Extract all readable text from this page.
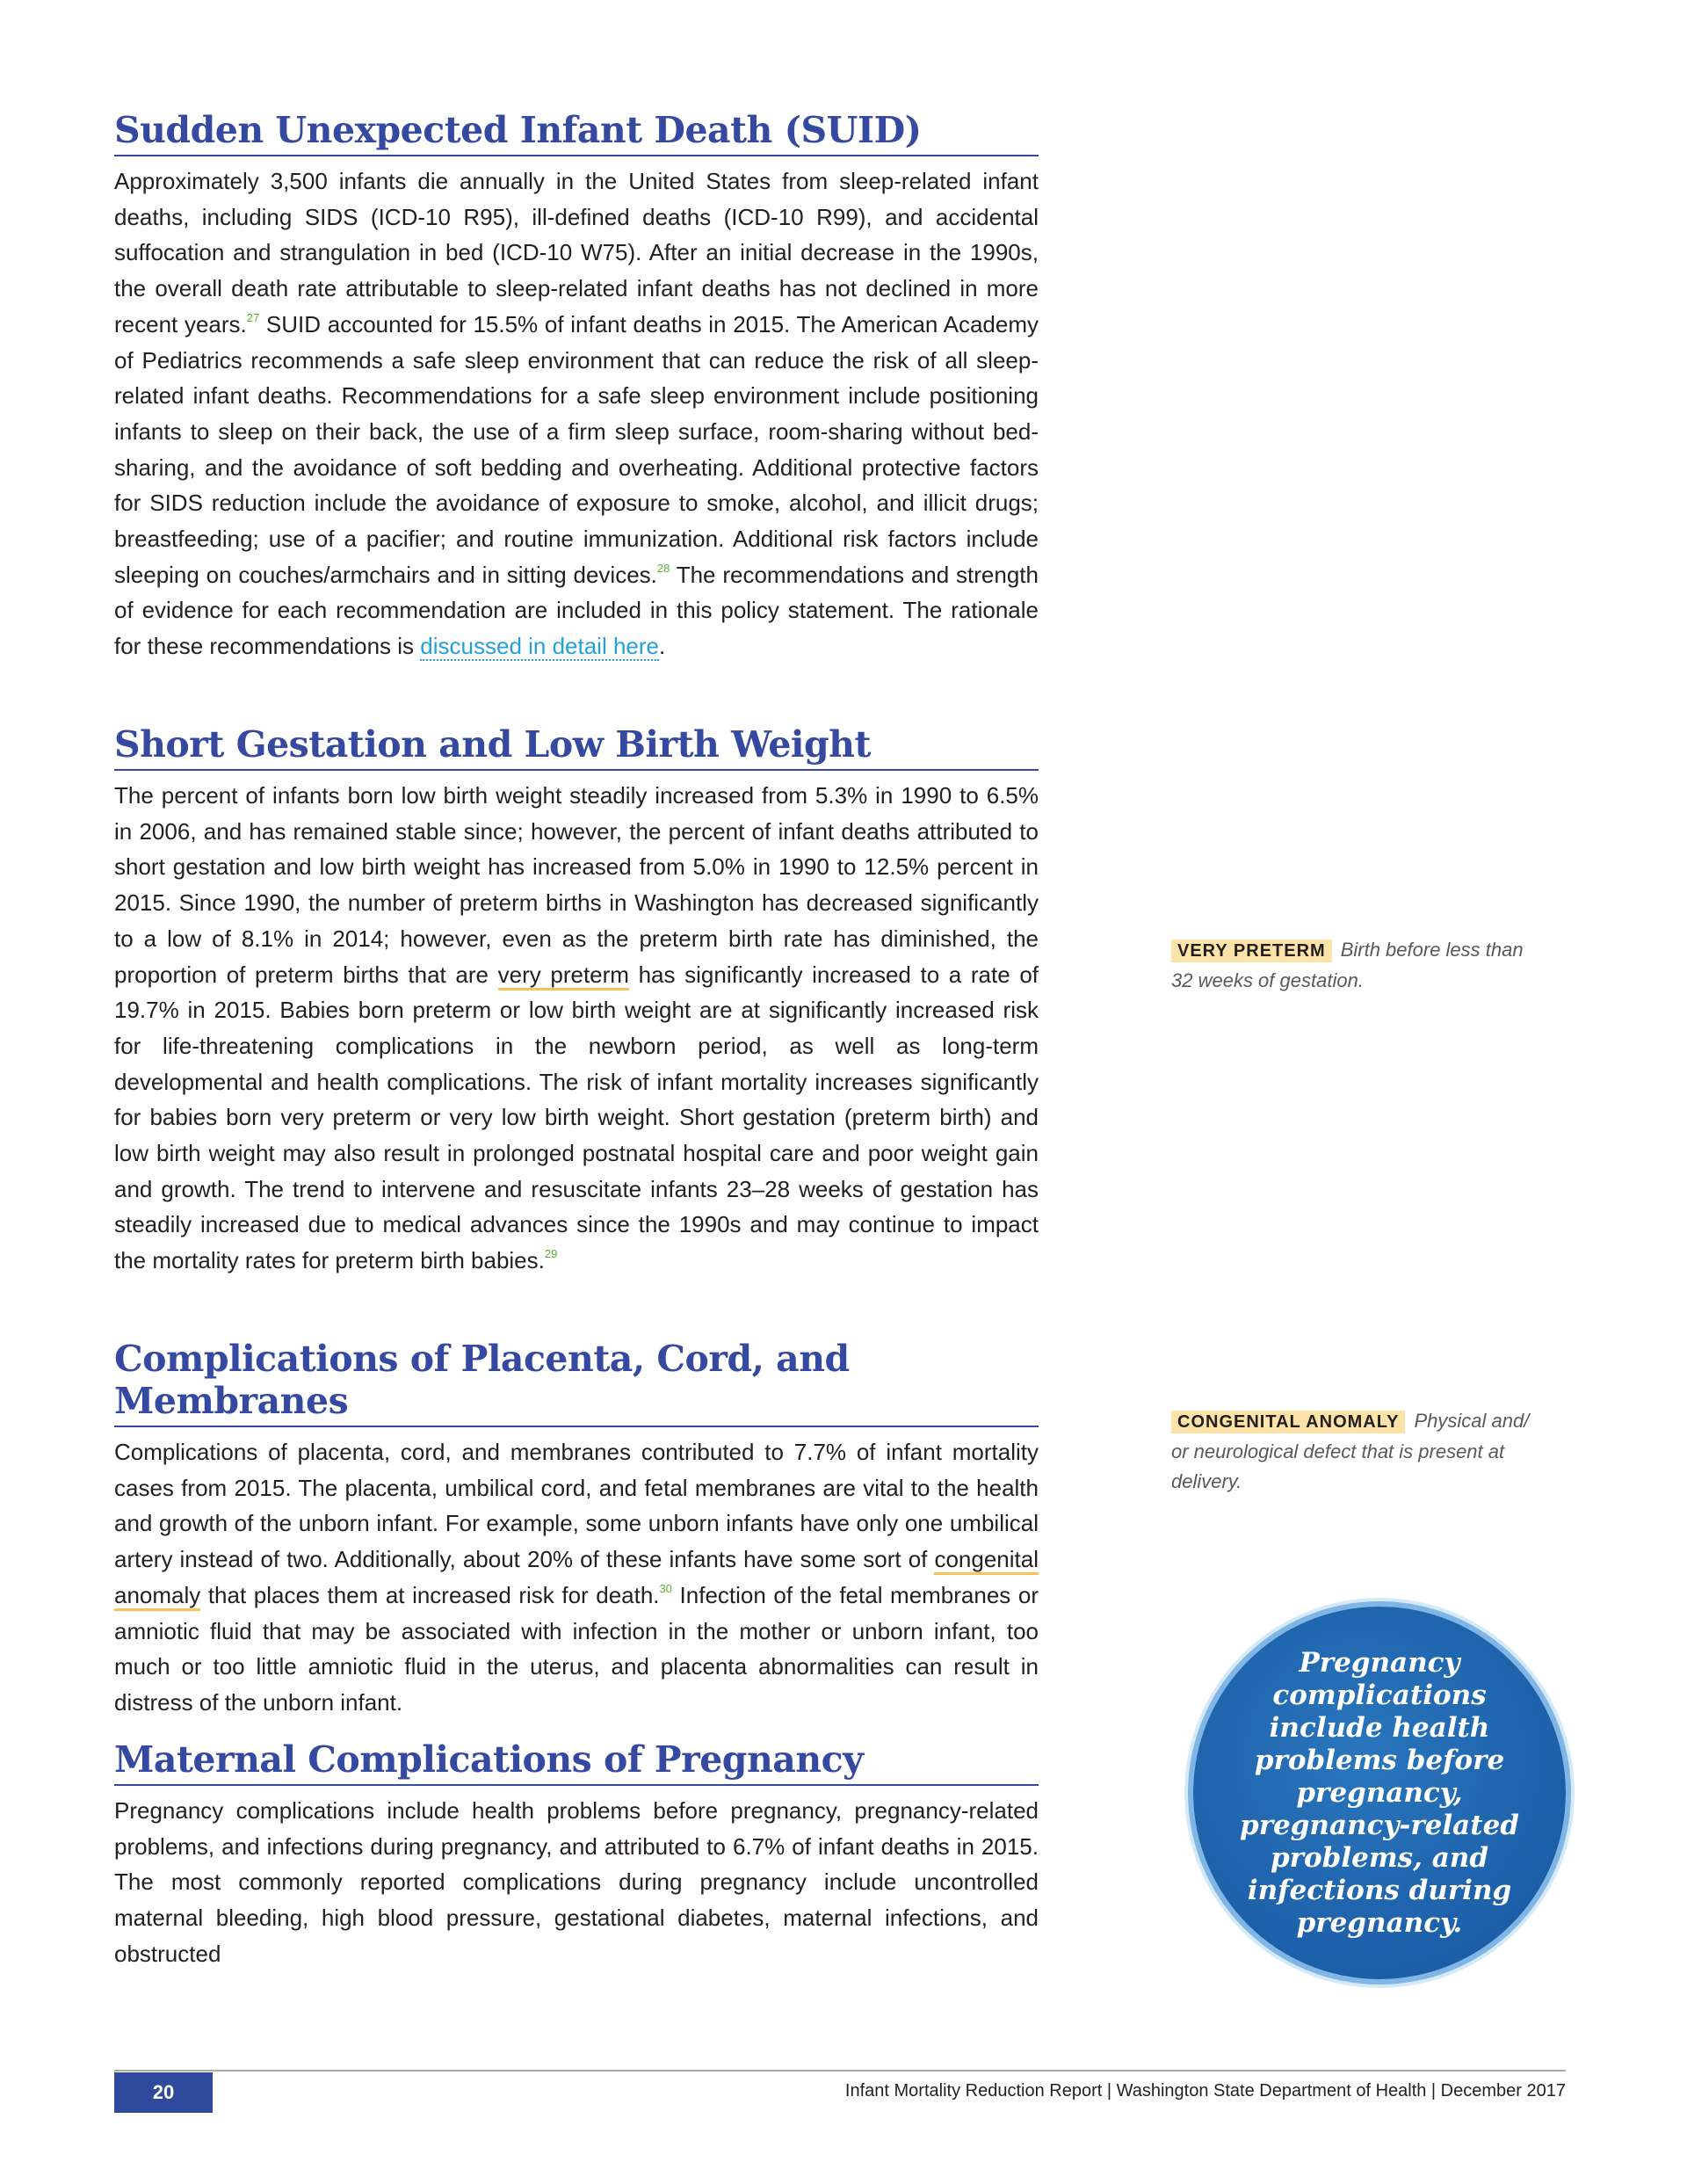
Sudden Unexpected Infant Death (SUID)

Approximately 3,500 infants die annually in the United States from sleep-related infant deaths, including SIDS (ICD-10 R95), ill-defined deaths (ICD-10 R99), and accidental suffocation and strangulation in bed (ICD-10 W75). After an initial decrease in the 1990s, the overall death rate attributable to sleep-related infant deaths has not declined in more recent years.$^{27}$ SUID accounted for 15.5% of infant deaths in 2015. The American Academy of Pediatrics recommends a safe sleep environment that can reduce the risk of all sleep-related infant deaths. Recommendations for a safe sleep environment include positioning infants to sleep on their back, the use of a firm sleep surface, room-sharing without bed-sharing, and the avoidance of soft bedding and overheating. Additional protective factors for SIDS reduction include the avoidance of exposure to smoke, alcohol, and illicit drugs; breastfeeding; use of a pacifier; and routine immunization. Additional risk factors include sleeping on couches/armchairs and in sitting devices.$^{28}$ The recommendations and strength of evidence for each recommendation are included in this policy statement. The rationale for these recommendations is discussed in detail here.

Short Gestation and Low Birth Weight

The percent of infants born low birth weight steadily increased from 5.3% in 1990 to 6.5% in 2006, and has remained stable since; however, the percent of infant deaths attributed to short gestation and low birth weight has increased from 5.0% in 1990 to 12.5% percent in 2015. Since 1990, the number of preterm births in Washington has decreased significantly to a low of 8.1% in 2014; however, even as the preterm birth rate has diminished, the proportion of preterm births that are very preterm has significantly increased to a rate of 19.7% in 2015. Babies born preterm or low birth weight are at significantly increased risk for life-threatening complications in the newborn period, as well as long-term developmental and health complications. The risk of infant mortality increases significantly for babies born very preterm or very low birth weight. Short gestation (preterm birth) and low birth weight may also result in prolonged postnatal hospital care and poor weight gain and growth. The trend to intervene and resuscitate infants 23–28 weeks of gestation has steadily increased due to medical advances since the 1990s and may continue to impact the mortality rates for preterm birth babies.$^{29}$

Complications of Placenta, Cord, and Membranes

Complications of placenta, cord, and membranes contributed to 7.7% of infant mortality cases from 2015. The placenta, umbilical cord, and fetal membranes are vital to the health and growth of the unborn infant. For example, some unborn infants have only one umbilical artery instead of two. Additionally, about 20% of these infants have some sort of congenital anomaly that places them at increased risk for death.$^{30}$ Infection of the fetal membranes or amniotic fluid that may be associated with infection in the mother or unborn infant, too much or too little amniotic fluid in the uterus, and placenta abnormalities can result in distress of the unborn infant.

Maternal Complications of Pregnancy

Pregnancy complications include health problems before pregnancy, pregnancy-related problems, and infections during pregnancy, and attributed to 6.7% of infant deaths in 2015. The most commonly reported complications during pregnancy include uncontrolled maternal bleeding, high blood pressure, gestational diabetes, maternal infections, and obstructed

VERY PRETERM Birth before less than 32 weeks of gestation.
CONGENITAL ANOMALY Physical and/ or neurological defect that is present at delivery.
Pregnancy complications include health problems before pregnancy, pregnancy-related problems, and infections during pregnancy.
20	Infant Mortality Reduction Report | Washington State Department of Health | December 2017
